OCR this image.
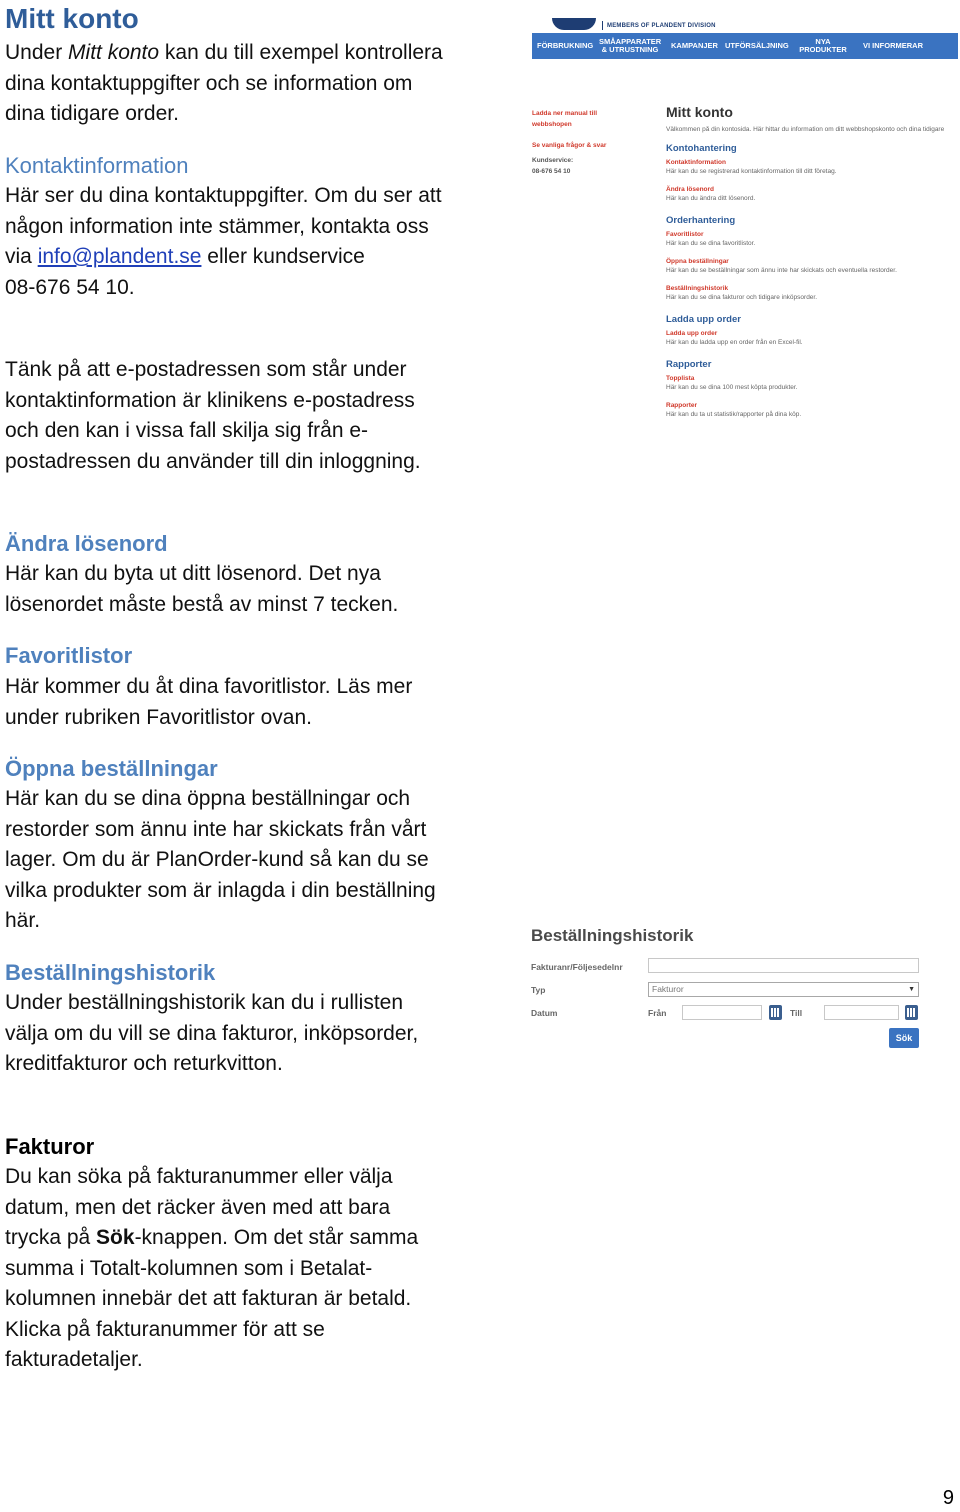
Mitt konto
Under Mitt konto kan du till exempel kontrollera dina kontaktuppgifter och se information om dina tidigare order.
Kontaktinformation
Här ser du dina kontaktuppgifter. Om du ser att någon information inte stämmer, kontakta oss via info@plandent.se eller kundservice
08-676 54 10.
Tänk på att e-postadressen som står under kontaktinformation är klinikens e-postadress och den kan i vissa fall skilja sig från e-postadressen du använder till din inloggning.
Ändra lösenord
Här kan du byta ut ditt lösenord. Det nya lösenordet måste bestå av minst 7 tecken.
Favoritlistor
Här kommer du åt dina favoritlistor. Läs mer under rubriken Favoritlistor ovan.
Öppna beställningar
Här kan du se dina öppna beställningar och restorder som ännu inte har skickats från vårt lager. Om du är PlanOrder-kund så kan du se vilka produkter som är inlagda i din beställning här.
Beställningshistorik
Under beställningshistorik kan du i rullisten välja om du vill se dina fakturor, inköpsorder, kreditfakturor och returkvitton.
Fakturor
Du kan söka på fakturanummer eller välja datum, men det räcker även med att bara trycka på Sök-knappen. Om det står samma summa i Totalt-kolumnen som i Betalat-kolumnen innebär det att fakturan är betald. Klicka på fakturanummer för att se fakturadetaljer.
9
MEMBERS OF PLANDENT DIVISION
FÖRBRUKNING SMÅAPPARATER & UTRUSTNING	KAMPANJER UTFÖRSÄLJNING	NYA PRODUKTER	VI INFORMERAR
Ladda ner manual till webbshopen
Se vanliga frågor & svar
Kundservice:
08-676 54 10
Mitt konto
Välkommen på din kontosida. Här hittar du information om ditt webbshopskonto och dina tidigare
Kontohantering
Kontaktinformation
Här kan du se registrerad kontaktinformation till ditt företag.
Ändra lösenord
Här kan du ändra ditt lösenord.
Orderhantering
Favoritlistor
Här kan du se dina favoritlistor.
Öppna beställningar
Här kan du se beställningar som ännu inte har skickats och eventuella restorder.
Beställningshistorik
Här kan du se dina fakturor och tidigare inköpsorder.
Ladda upp order
Ladda upp order
Här kan du ladda upp en order från en Excel-fil.
Rapporter
Topplista
Här kan du se dina 100 mest köpta produkter.
Rapporter
Här kan du ta ut statistik/rapporter på dina köp.
Beställningshistorik
Fakturanr/Följesedelnr
Typ	Fakturor	▼
Datum	Från	Till
Sök
